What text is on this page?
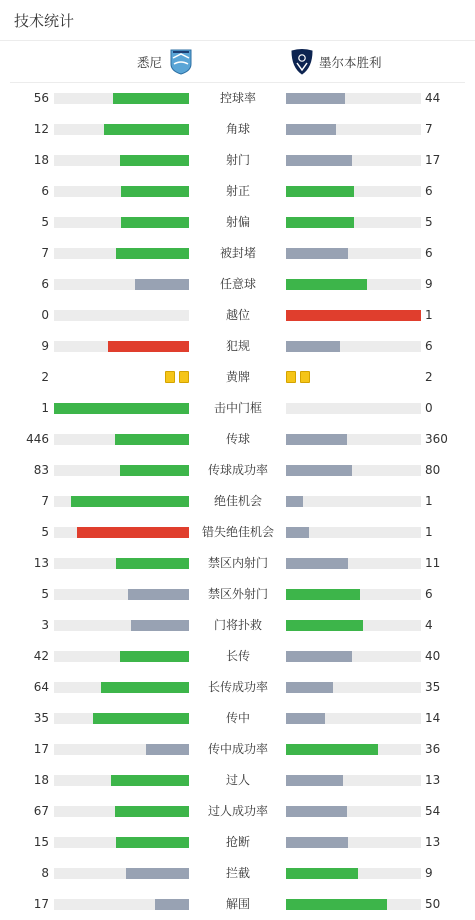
技术统计
悉尼	墨尔本胜利
56	控球率	44
12	角球	7
18	射门	17
6	射正	6
5	射偏	5
7	被封堵	6
6	任意球	9
0	越位	1
9	犯规	6
2	黄牌	2
1	击中门框	0
446	传球	360
83	传球成功率	80
7	绝佳机会	1
5	错失绝佳机会	1
13	禁区内射门	11
5	禁区外射门	6
3	门将扑救	4
42	长传	40
64	长传成功率	35
35	传中	14
17	传中成功率	36
18	过人	13
67	过人成功率	54
15	抢断	13
8	拦截	9
17	解围	50
